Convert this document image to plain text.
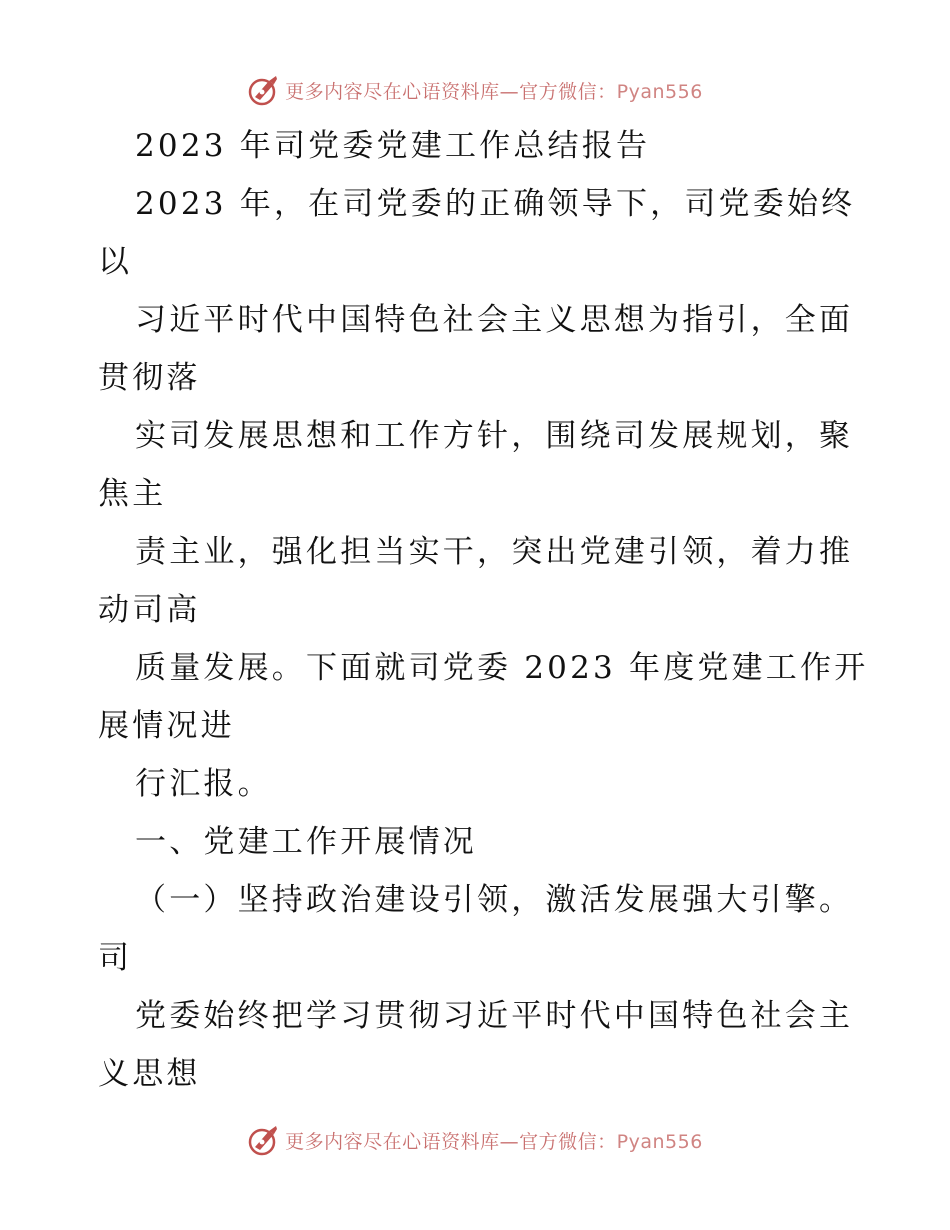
更多内容尽在心语资料库—官方微信：Pyan556
2023 年司党委党建工作总结报告
2023 年，在司党委的正确领导下，司党委始终
以
习近平时代中国特色社会主义思想为指引，全面
贯彻落
实司发展思想和工作方针，围绕司发展规划，聚
焦主
责主业，强化担当实干，突出党建引领，着力推
动司高
质量发展。下面就司党委 2023 年度党建工作开
展情况进
行汇报。
一、党建工作开展情况
（一）坚持政治建设引领，激活发展强大引擎。
司
党委始终把学习贯彻习近平时代中国特色社会主
义思想
更多内容尽在心语资料库—官方微信：Pyan556
